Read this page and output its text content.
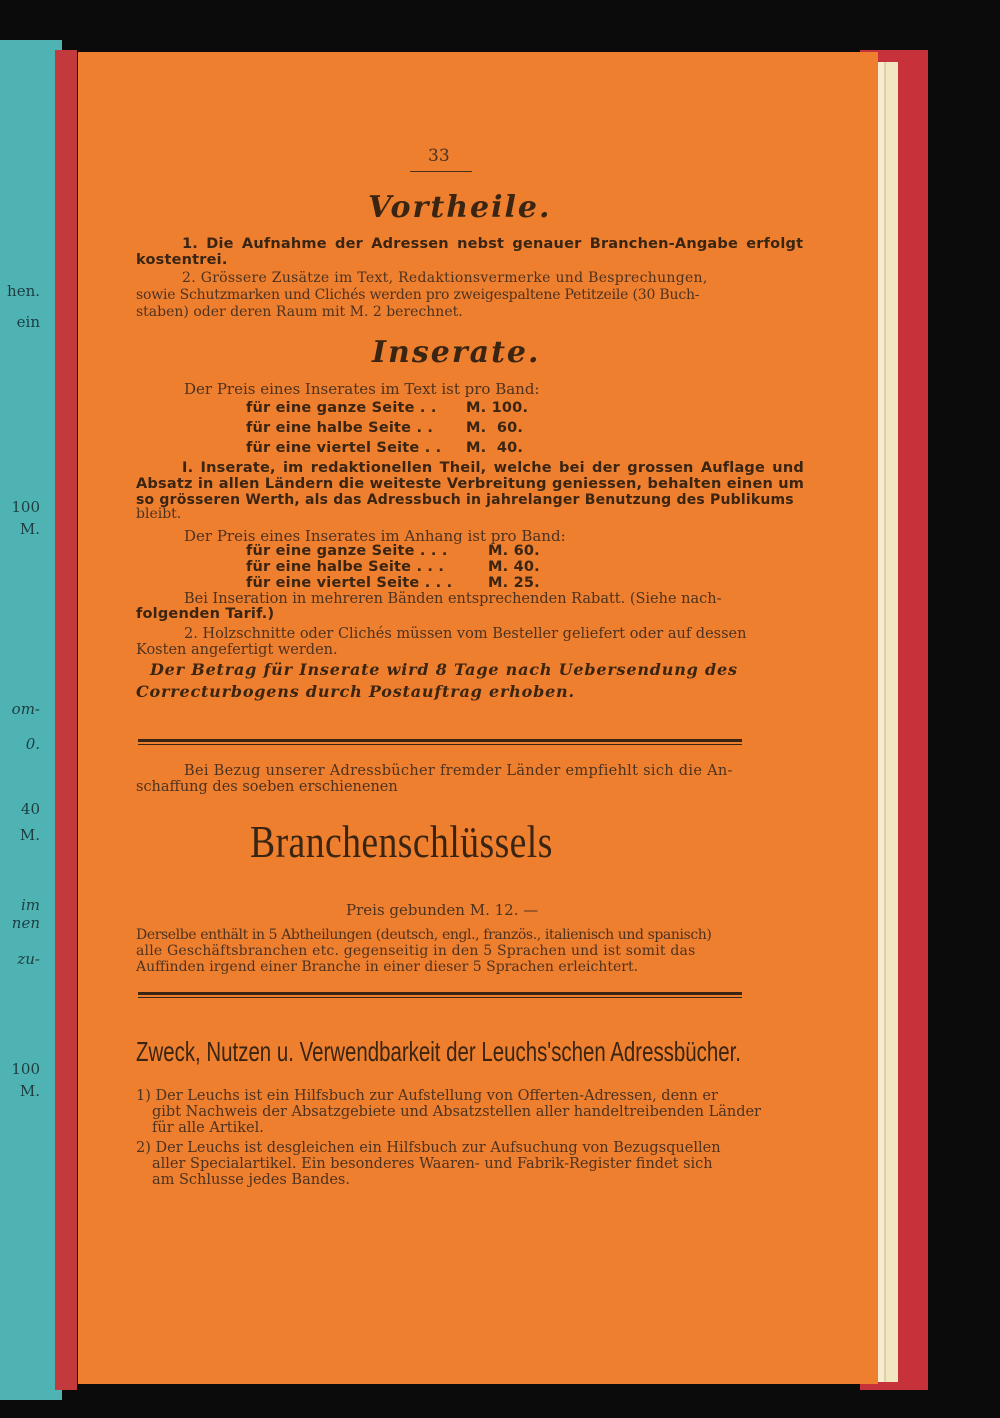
hen.
ein
100
M.
om-
0.
40
M.
im
nen
zu-
100
M.
33
Vortheile.
1. Die Aufnahme der Adressen nebst genauer Branchen-Angabe erfolgt
kostentrei.
2. Grössere Zusätze im Text, Redaktionsvermerke und Besprechungen,
sowie Schutzmarken und Clichés werden pro zweigespaltene Petitzeile (30 Buch-
staben) oder deren Raum mit M. 2 berechnet.
Inserate.
Der Preis eines Inserates im Text ist pro Band:
für eine ganze Seite . . M. 100.
für eine halbe Seite . . M.  60.
für eine viertel Seite . . M.  40.
I. Inserate, im redaktionellen Theil, welche bei der grossen Auflage und
Absatz in allen Ländern die weiteste Verbreitung geniessen, behalten einen um
so grösseren Werth, als das Adressbuch in jahrelanger Benutzung des Publikums
bleibt.
Der Preis eines Inserates im Anhang ist pro Band:
für eine ganze Seite . . .	M. 60.
für eine halbe Seite . . .	M. 40.
für eine viertel Seite . . . M. 25.
Bei Inseration in mehreren Bänden entsprechenden Rabatt. (Siehe nach-
folgenden Tarif.)
2. Holzschnitte oder Clichés müssen vom Besteller geliefert oder auf dessen
Kosten angefertigt werden.
Der Betrag für Inserate wird 8 Tage nach Uebersendung des
Correcturbogens durch Postauftrag erhoben.
Bei Bezug unserer Adressbücher fremder Länder empfiehlt sich die An-
schaffung des soeben erschienenen
Branchenschlüssels
Preis gebunden M. 12. —
Derselbe enthält in 5 Abtheilungen (deutsch, engl., französ., italienisch und spanisch)
alle Geschäftsbranchen etc. gegenseitig in den 5 Sprachen und ist somit das
Auffinden irgend einer Branche in einer dieser 5 Sprachen erleichtert.
Zweck, Nutzen u. Verwendbarkeit der Leuchs'schen Adressbücher.
1) Der Leuchs ist ein Hilfsbuch zur Aufstellung von Offerten-Adressen, denn er
gibt Nachweis der Absatzgebiete und Absatzstellen aller handeltreibenden Länder
für alle Artikel.
2) Der Leuchs ist desgleichen ein Hilfsbuch zur Aufsuchung von Bezugsquellen
aller Specialartikel. Ein besonderes Waaren- und Fabrik-Register findet sich
am Schlusse jedes Bandes.
